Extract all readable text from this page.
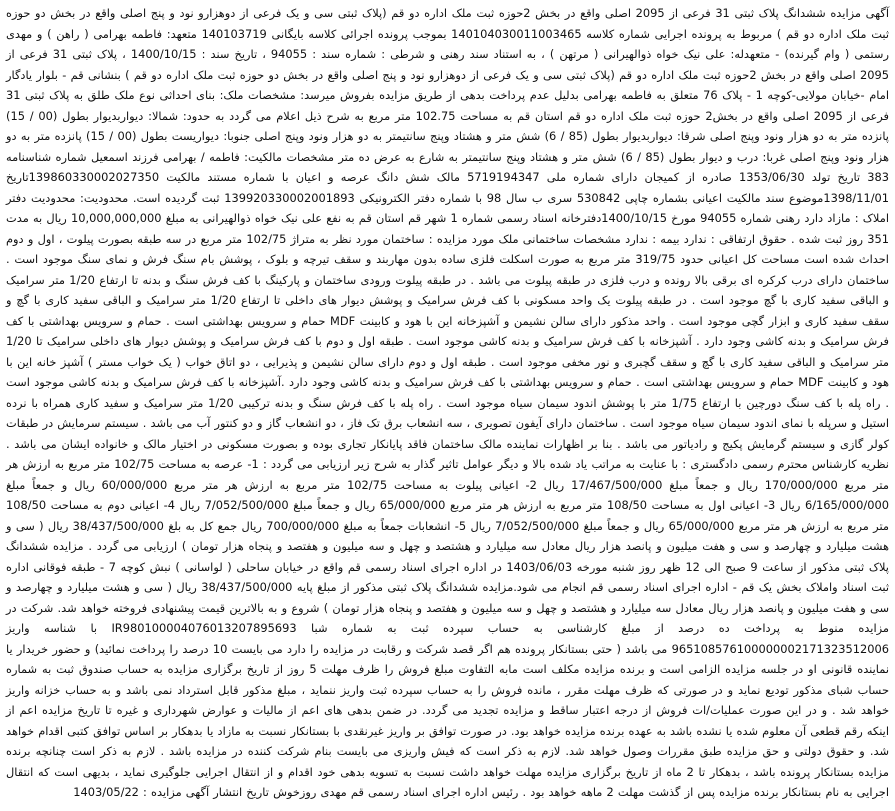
آگهی مزایده ششدانگ پلاک ثبتی 31 فرعی از 2095 اصلی واقع در بخش 2حوزه ثبت ملک اداره دو قم (پلاک ثبتی سی و یک فرعی از دوهزارو نود و پنج اصلی واقع در بخش دو حوزه ثبت ملک اداره دو قم ) مربوط به پرونده اجرایی شماره کلاسه 140104030011003465 بموجب پرونده اجرائی کلاسه بایگانی 140103719 متعهد: فاطمه بهرامی ( راهن ) و مهدی رستمی ( وام گیرنده) - متعهدله: علی نیک خواه ذوالهیرانی ( مرتهن ) ، به استناد سند رهنی و شرطی : شماره سند : 94055 ، تاریخ سند : 1400/10/15 ، پلاک ثبتی 31 فرعی از 2095 اصلی واقع در بخش 2حوزه ثبت ملک اداره دو قم (پلاک ثبتی سی و یک فرعی از دوهزارو نود و پنج اصلی واقع در بخش دو حوزه ثبت ملک اداره دو قم ) بنشانی قم - بلوار یادگار امام -خیابان مولایی-کوچه 1 - پلاک 76 متعلق به فاطمه بهرامی بدلیل عدم پرداخت بدهی از طریق مزایده بفروش میرسد: مشخصات ملک: بنای احداثی نوع ملک طلق به پلاک ثبتی 31 فرعی از 2095 اصلی واقع در بخش2 حوزه ثبت ملک اداره دو قم استان قم به مساحت 102.75 متر مربع به شرح ذیل اعلام می گردد به حدود: شمالا: دیواربدیوار بطول (00 / 15) پانزده متر به دو هزار ونود وپنج اصلی شرقا: دیواربدیوار بطول (85 / 6) شش متر و هشتاد وپنج سانتیمتر به دو هزار ونود وپنج اصلی جنوبا: دیواریست بطول (00 / 15) پانزده متر به دو هزار ونود وپنج اصلی غربا: درب و دیوار بطول (85 / 6) شش متر و هشتاد وپنج سانتیمتر به شارع به عرض ده متر مشخصات مالکیت: فاطمه / بهرامی فرزند اسمعیل شماره شناسنامه 383 تاریخ تولد 1353/06/30 صادره از کمیجان دارای شماره ملی 5719194347 مالک شش دانگ عرصه و اعیان با شماره مستند مالکیت 139860330002027350تاریخ 1398/11/01موضوع سند مالکیت اعیانی بشماره چاپی 530842 سری ب سال 98 با شماره دفتر الکترونیکی 139920330002001893 ثبت گردیده است. محدودیت: محدودیت دفتر املاک : مازاد دارد رهنی شماره 94055 مورخ 1400/10/15دفترخانه اسناد رسمی شماره 1 شهر قم استان قم به نفع علی نیک خواه ذوالهیرانی به مبلغ 10,000,000,000 ریال به مدت 351 روز ثبت شده . حقوق ارتفاقی : ندارد بیمه : ندارد مشخصات ساختمانی ملک مورد مزایده : ساختمان مورد نظر به متراژ 102/75 متر مربع در سه طبقه بصورت پیلوت ، اول و دوم احداث شده است مساحت کل اعیانی حدود 319/75 متر مربع به صورت اسکلت فلزی ساده بدون مهاربند و سقف تیرچه و بلوک ، پوشش بام سنگ فرش و نمای سنگ موجود است . ساختمان دارای درب کرکره ای برقی بالا رونده و درب فلزی در طبقه پیلوت می باشد . در طبقه پیلوت ورودی ساختمان و پارکینگ با کف فرش سنگ و بدنه تا ارتفاع 1/20 متر سرامیک و الباقی سفید کاری با گچ موجود است . در طبقه پیلوت یک واحد مسکونی با کف فرش سرامیک و پوشش دیوار های داخلی تا ارتفاع 1/20 متر سرامیک و الباقی سفید کاری با گچ و سقف سفید کاری و ابزار گچی موجود است . واحد مذکور دارای سالن نشیمن و آشپزخانه این با هود و کابینت MDF حمام و سرویس بهداشتی است . حمام و سرویس بهداشتی با کف فرش سرامیک و بدنه کاشی وجود دارد . آشپزخانه با کف فرش سرامیک و بدنه کاشی موجود است . طبقه اول و دوم با کف فرش سرامیک و پوشش دیوار های داخلی سرامیک تا 1/20 متر سرامیک و الباقی سفید کاری با گچ و سقف گچبری و نور مخفی موجود است . طبقه اول و دوم دارای سالن نشیمن و پذیرایی ، دو اتاق خواب ( یک خواب مستر ) آشپز خانه این با هود و کابینت MDF حمام و سرویس بهداشتی است . حمام و سرویس بهداشتی با کف فرش سرامیک و بدنه کاشی وجود دارد .آشپزخانه با کف فرش سرامیک و بدنه کاشی موجود است . راه پله با کف سنگ دورچین با ارتفاع 1/75 متر با پوشش اندود سیمان سیاه موجود است . راه پله با کف فرش سنگ و بدنه ترکیبی 1/20 متر سرامیک و سفید کاری همراه با نرده استیل و سرپله با نمای اندود سیمان سیاه موجود است . ساختمان دارای آیفون تصویری ، سه انشعاب برق تک فاز ، دو انشعاب گاز و دو کنتور آب می باشد . سیستم سرمایش در طبقات کولر گازی و سیستم گرمایش پکیج و رادیاتور می باشد . بنا بر اظهارات نماینده مالک ساختمان فاقد پایانکار تجاری بوده و بصورت مسکونی در اختیار مالک و خانواده ایشان می باشد . نظریه کارشناس محترم رسمی دادگستری : با عنایت به مراتب یاد شده بالا و دیگر عوامل تاثیر گذار به شرح زیر ارزیابی می گردد : 1- عرصه به مساحت 102/75 متر مربع به ارزش هر متر مربع 170/000/000 ریال و جمعاً مبلغ 17/467/500/000 ریال 2- اعیانی پیلوت به مساحت 102/75 متر مربع به ارزش هر متر مربع 60/000/000 ریال و جمعاً مبلغ 6/165/000/000 ریال 3- اعیانی اول به مساحت 108/50 متر مربع به ارزش هر متر مربع 65/000/000 ریال و جمعاً مبلغ 7/052/500/000 ریال 4- اعیانی دوم به مساحت 108/50 متر مربع به ارزش هر متر مربع 65/000/000 ریال و جمعاً مبلغ 7/052/500/000 ریال 5- انشعابات جمعاً به مبلغ 700/000/000 ریال جمع کل به بلغ 38/437/500/000 ریال ( سی و هشت میلیارد و چهارصد و سی و هفت میلیون و پانصد هزار ریال معادل سه میلیارد و هشتصد و چهل و سه میلیون و هفتصد و پنجاه هزار تومان ) ارزیابی می گردد . مزایده ششدانگ پلاک ثبتی مذکور از ساعت 9 صبح الی 12 ظهر روز شنبه مورخه 1403/06/03 در اداره اجرای اسناد رسمی قم واقع در خیابان ساحلی ( لواسانی ) نبش کوچه 7 - طبقه فوقانی اداره ثبت اسناد واملاک بخش یک قم - اداره اجرای اسناد رسمی قم انجام می شود.مزایده ششدانگ پلاک ثبتی مذکور از مبلغ پایه 38/437/500/000 ریال ( سی و هشت میلیارد و چهارصد و سی و هفت میلیون و پانصد هزار ریال معادل سه میلیارد و هشتصد و چهل و سه میلیون و هفتصد و پنجاه هزار تومان ) شروع و به بالاترین قیمت پیشنهادی فروخته خواهد شد. شرکت در مزایده منوط به پرداخت ده درصد از مبلغ کارشناسی به حساب سپرده ثبت به شماره شبا IR980100004076013207895693 با شناسه واریز 965108576100000002171323512006 می باشد ( حتی بستانکار پرونده هم اگر قصد شرکت و رقابت در مزایده را دارد می بایست 10 درصد را پرداخت نمائید) و حضور خریدار یا نماینده قانونی او در جلسه مزایده الزامی است و برنده مزایده مکلف است مابه التفاوت مبلغ فروش را ظرف مهلت 5 روز از تاریخ برگزاری مزایده به حساب صندوق ثبت به شماره حساب شبای مذکور تودیع نماید و در صورتی که ظرف مهلت مقرر ، مانده فروش را به حساب سپرده ثبت واریز ننماید ، مبلغ مذکور قابل استرداد نمی باشد و به حساب خزانه واریز خواهد شد . و در این صورت عملیات/ات فروش از درجه اعتبار ساقط و مزایده تجدید می گردد. در ضمن بدهی های اعم از مالیات و عوارض شهرداری و غیره تا تاریخ مزایده اعم از اینکه رقم قطعی آن معلوم شده یا نشده باشد به عهده برنده مزایده خواهد بود. در صورت توافق بر واریز غیرنقدی با بستانکار نسبت به مازاد یا بدهکار بر اساس توافق کتبی اقدام خواهد شد. و حقوق دولتی و حق مزایده طبق مقررات وصول خواهد شد. لازم به ذکر است که فیش واریزی می بایست بنام شرکت کننده در مزایده باشد . لازم به ذکر است چنانچه برنده مزایده بستانکار پرونده باشد ، بدهکار تا 2 ماه از تاریخ برگزاری مزایده مهلت خواهد داشت نسبت به تسویه بدهی خود اقدام و از انتقال اجرایی جلوگیری نماید ، بدیهی است که انتقال اجرایی به نام بستانکار برنده مزایده پس از گذشت مهلت 2 ماهه خواهد بود . رئیس اداره اجرای اسناد رسمی قم مهدی روزخوش تاریخ انتشار آگهی مزایده : 1403/05/22
